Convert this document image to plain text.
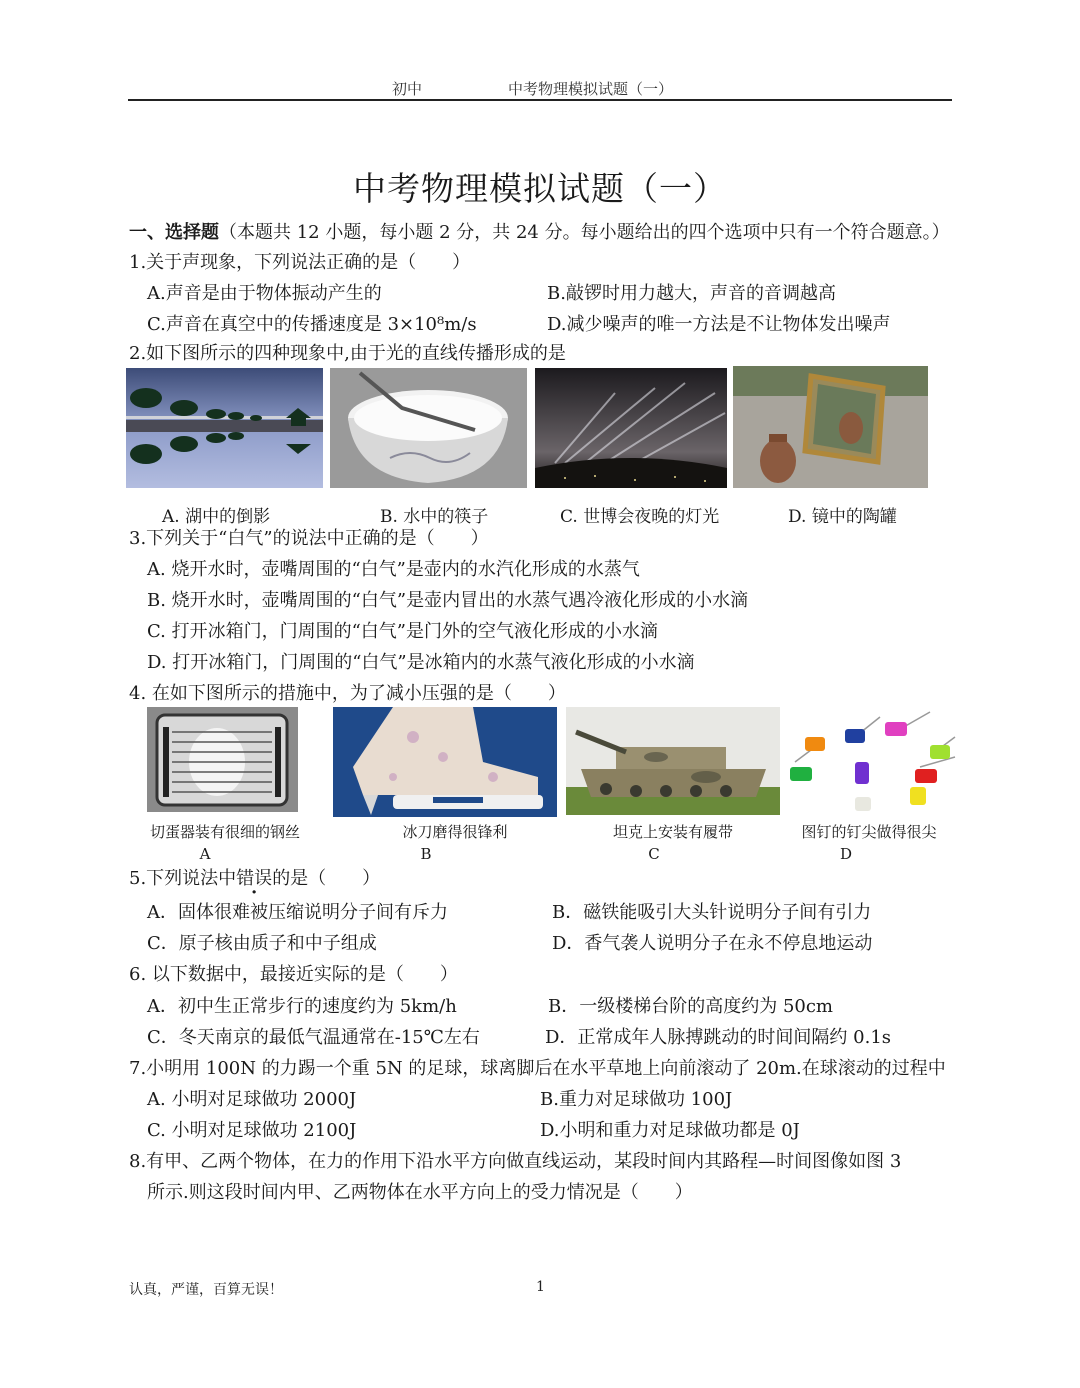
初中	中考物理模拟试题（一）
中考物理模拟试题（一）
一、选择题（本题共 12 小题，每小题 2 分，共 24 分。每小题给出的四个选项中只有一个符合题意。）
1.关于声现象，下列说法正确的是（　　）
A.声音是由于物体振动产生的	B.敲锣时用力越大，声音的音调越高
C.声音在真空中的传播速度是 3×10⁸m/s	D.减少噪声的唯一方法是不让物体发出噪声
2.如下图所示的四种现象中,由于光的直线传播形成的是
A. 湖中的倒影	B. 水中的筷子	C. 世博会夜晚的灯光	D. 镜中的陶罐
3.下列关于“白气”的说法中正确的是（　　）
A. 烧开水时，壶嘴周围的“白气”是壶内的水汽化形成的水蒸气
B. 烧开水时，壶嘴周围的“白气”是壶内冒出的水蒸气遇冷液化形成的小水滴
C. 打开冰箱门，门周围的“白气”是门外的空气液化形成的小水滴
D. 打开冰箱门，门周围的“白气”是冰箱内的水蒸气液化形成的小水滴
4. 在如下图所示的措施中，为了减小压强的是（　　）
切蛋器装有很细的钢丝	冰刀磨得很锋利	坦克上安装有履带	图钉的钉尖做得很尖
A	B	C	D
5.下列说法中错误的是（　　）
A．固体很难被压缩说明分子间有斥力	B．磁铁能吸引大头针说明分子间有引力
C．原子核由质子和中子组成	D．香气袭人说明分子在永不停息地运动
6. 以下数据中，最接近实际的是（　　）
A．初中生正常步行的速度约为 5km/h	B．一级楼梯台阶的高度约为 50cm
C．冬天南京的最低气温通常在-15℃左右	D．正常成年人脉搏跳动的时间间隔约 0.1s
7.小明用 100N 的力踢一个重 5N 的足球，球离脚后在水平草地上向前滚动了 20m.在球滚动的过程中
A. 小明对足球做功 2000J	B.重力对足球做功 100J
C. 小明对足球做功 2100J	D.小明和重力对足球做功都是 0J
8.有甲、乙两个物体，在力的作用下沿水平方向做直线运动，某段时间内其路程—时间图像如图 3
所示.则这段时间内甲、乙两物体在水平方向上的受力情况是（　　）
认真，严谨，百算无误！	1
